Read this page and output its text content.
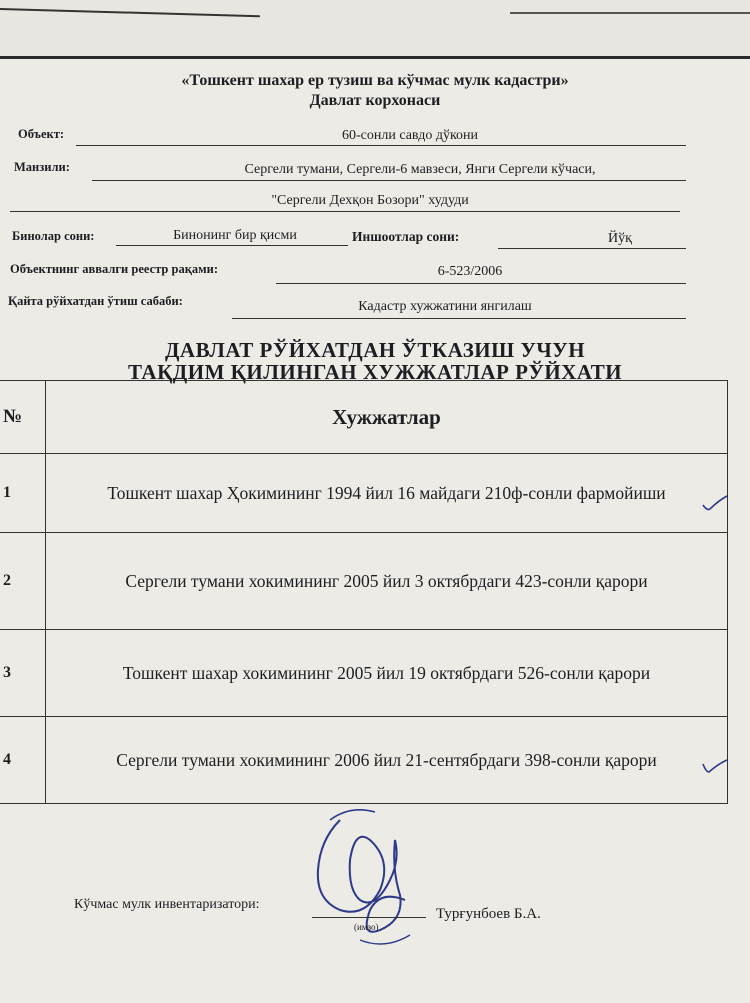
«Тошкент шахар ер тузиш ва кўчмас мулк кадастри»
Давлат корхонаси
Объект:	60-сонли савдо дўкони
Манзили:	Сергели тумани, Сергели-6 мавзеси, Янги Сергели кўчаси,
"Сергели Дехқон Бозори" худуди
Бинолар сони:	Бинонинг бир қисми	Иншоотлар сони:	Йўқ
Объектнинг аввалги реестр рақами:	6-523/2006
Қайта рўйхатдан ўтиш сабаби:	Кадастр хужжатини янгилаш
ДАВЛАТ РЎЙХАТДАН ЎТКАЗИШ УЧУН
ТАҚДИМ ҚИЛИНГАН ХУЖЖАТЛАР РЎЙХАТИ
№	Хужжатлар
1	Тошкент шахар Ҳокимининг 1994 йил 16 майдаги 210ф-сонли фармойиши
2	Сергели тумани хокимининг 2005 йил 3 октябрдаги 423-сонли қарори
3	Тошкент шахар хокимининг 2005 йил 19 октябрдаги 526-сонли қарори
4	Сергели тумани хокимининг 2006 йил 21-сентябрдаги 398-сонли қарори
Кўчмас мулк инвентаризатори:
(имзо)
Турғунбоев Б.А.
